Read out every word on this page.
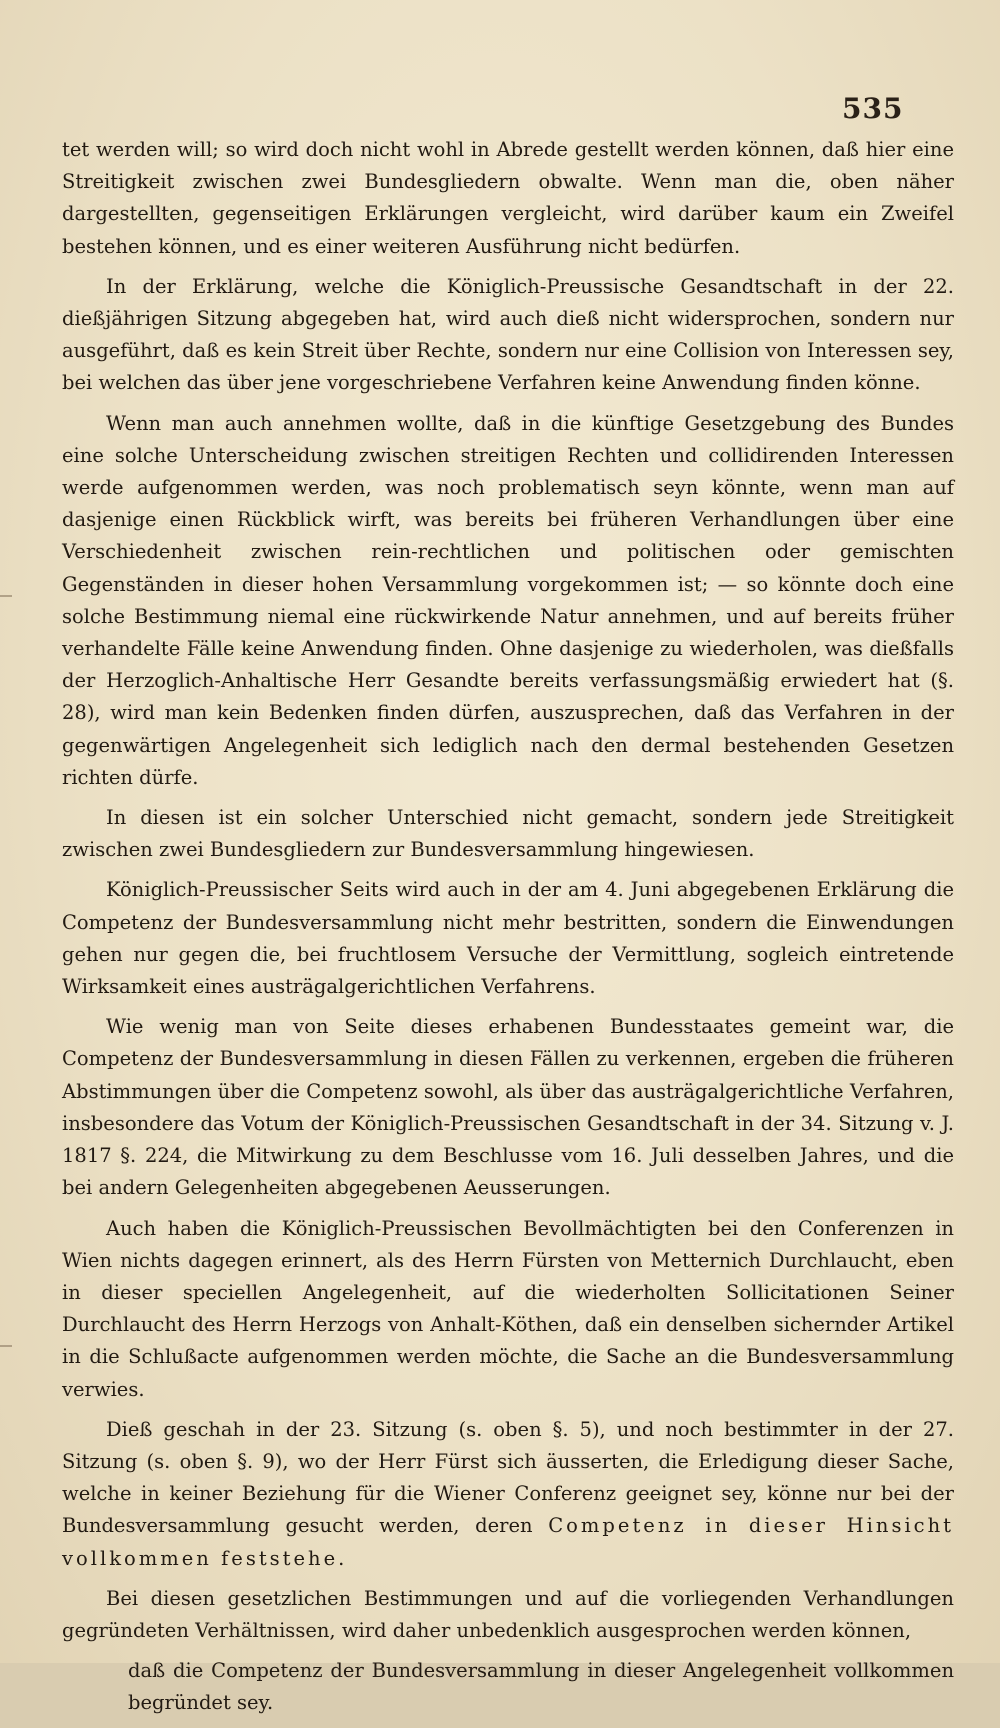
535

tet werden will; so wird doch nicht wohl in Abrede gestellt werden können, daß hier eine Streitigkeit zwischen zwei Bundesgliedern obwalte. Wenn man die, oben näher dargestellten, gegenseitigen Erklärungen vergleicht, wird darüber kaum ein Zweifel bestehen können, und es einer weiteren Ausführung nicht bedürfen.

In der Erklärung, welche die Königlich-Preussische Gesandtschaft in der 22. dießjährigen Sitzung abgegeben hat, wird auch dieß nicht widersprochen, sondern nur ausgeführt, daß es kein Streit über Rechte, sondern nur eine Collision von Interessen sey, bei welchen das über jene vorgeschriebene Verfahren keine Anwendung finden könne.

Wenn man auch annehmen wollte, daß in die künftige Gesetzgebung des Bundes eine solche Unterscheidung zwischen streitigen Rechten und collidirenden Interessen werde aufgenommen werden, was noch problematisch seyn könnte, wenn man auf dasjenige einen Rückblick wirft, was bereits bei früheren Verhandlungen über eine Verschiedenheit zwischen rein-rechtlichen und politischen oder gemischten Gegenständen in dieser hohen Versammlung vorgekommen ist; — so könnte doch eine solche Bestimmung niemal eine rückwirkende Natur annehmen, und auf bereits früher verhandelte Fälle keine Anwendung finden. Ohne dasjenige zu wiederholen, was dießfalls der Herzoglich-Anhaltische Herr Gesandte bereits verfassungsmäßig erwiedert hat (§. 28), wird man kein Bedenken finden dürfen, auszusprechen, daß das Verfahren in der gegenwärtigen Angelegenheit sich lediglich nach den dermal bestehenden Gesetzen richten dürfe.

In diesen ist ein solcher Unterschied nicht gemacht, sondern jede Streitigkeit zwischen zwei Bundesgliedern zur Bundesversammlung hingewiesen.

Königlich-Preussischer Seits wird auch in der am 4. Juni abgegebenen Erklärung die Competenz der Bundesversammlung nicht mehr bestritten, sondern die Einwendungen gehen nur gegen die, bei fruchtlosem Versuche der Vermittlung, sogleich eintretende Wirksamkeit eines austrägalgerichtlichen Verfahrens.

Wie wenig man von Seite dieses erhabenen Bundesstaates gemeint war, die Competenz der Bundesversammlung in diesen Fällen zu verkennen, ergeben die früheren Abstimmungen über die Competenz sowohl, als über das austrägalgerichtliche Verfahren, insbesondere das Votum der Königlich-Preussischen Gesandtschaft in der 34. Sitzung v. J. 1817 §. 224, die Mitwirkung zu dem Beschlusse vom 16. Juli desselben Jahres, und die bei andern Gelegenheiten abgegebenen Aeusserungen.

Auch haben die Königlich-Preussischen Bevollmächtigten bei den Conferenzen in Wien nichts dagegen erinnert, als des Herrn Fürsten von Metternich Durchlaucht, eben in dieser speciellen Angelegenheit, auf die wiederholten Sollicitationen Seiner Durchlaucht des Herrn Herzogs von Anhalt-Köthen, daß ein denselben sichernder Artikel in die Schlußacte aufgenommen werden möchte, die Sache an die Bundesversammlung verwies.

Dieß geschah in der 23. Sitzung (s. oben §. 5), und noch bestimmter in der 27. Sitzung (s. oben §. 9), wo der Herr Fürst sich äusserten, die Erledigung dieser Sache, welche in keiner Beziehung für die Wiener Conferenz geeignet sey, könne nur bei der Bundesversammlung gesucht werden, deren Competenz in dieser Hinsicht vollkommen feststehe.

Bei diesen gesetzlichen Bestimmungen und auf die vorliegenden Verhandlungen gegründeten Verhältnissen, wird daher unbedenklich ausgesprochen werden können,

daß die Competenz der Bundesversammlung in dieser Angelegenheit vollkommen begründet sey.
